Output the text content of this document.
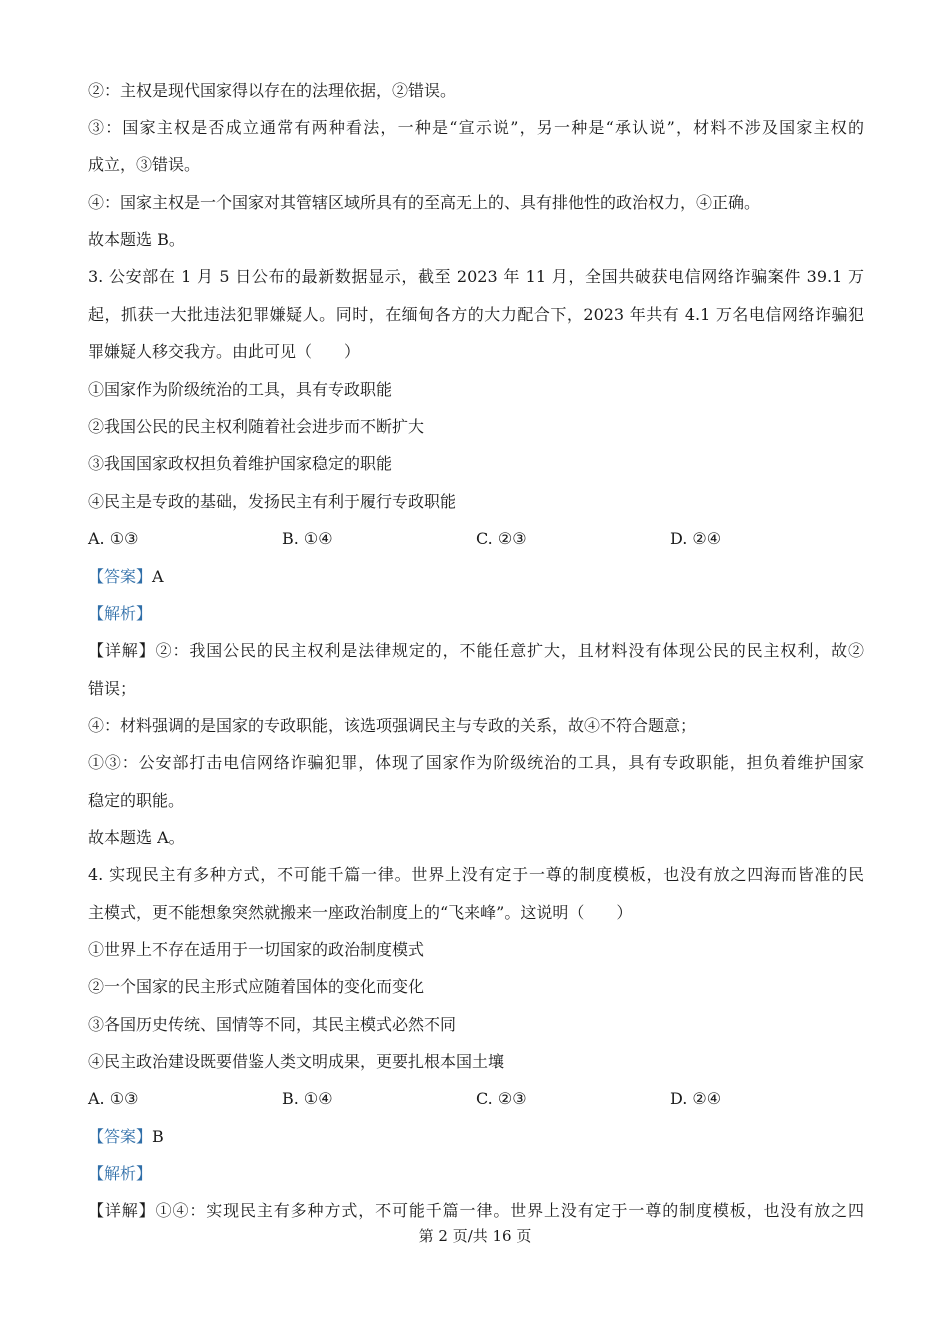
②：主权是现代国家得以存在的法理依据，②错误。
③：国家主权是否成立通常有两种看法，一种是“宣示说”，另一种是“承认说”，材料不涉及国家主权的
成立，③错误。
④：国家主权是一个国家对其管辖区域所具有的至高无上的、具有排他性的政治权力，④正确。
故本题选 B。
3. 公安部在 1 月 5 日公布的最新数据显示，截至 2023 年 11 月，全国共破获电信网络诈骗案件 39.1 万
起，抓获一大批违法犯罪嫌疑人。同时，在缅甸各方的大力配合下，2023 年共有 4.1 万名电信网络诈骗犯
罪嫌疑人移交我方。由此可见（　　）
①国家作为阶级统治的工具，具有专政职能
②我国公民的民主权利随着社会进步而不断扩大
③我国国家政权担负着维护国家稳定的职能
④民主是专政的基础，发扬民主有利于履行专政职能
A. ①③	B. ①④	C. ②③	D. ②④
【答案】A
【解析】
【详解】②：我国公民的民主权利是法律规定的，不能任意扩大，且材料没有体现公民的民主权利，故②
错误；
④：材料强调的是国家的专政职能，该选项强调民主与专政的关系，故④不符合题意；
①③：公安部打击电信网络诈骗犯罪，体现了国家作为阶级统治的工具，具有专政职能，担负着维护国家
稳定的职能。
故本题选 A。
4. 实现民主有多种方式，不可能千篇一律。世界上没有定于一尊的制度模板，也没有放之四海而皆准的民
主模式，更不能想象突然就搬来一座政治制度上的“飞来峰”。这说明（　　）
①世界上不存在适用于一切国家的政治制度模式
②一个国家的民主形式应随着国体的变化而变化
③各国历史传统、国情等不同，其民主模式必然不同
④民主政治建设既要借鉴人类文明成果，更要扎根本国土壤
A. ①③	B. ①④	C. ②③	D. ②④
【答案】B
【解析】
【详解】①④：实现民主有多种方式，不可能千篇一律。世界上没有定于一尊的制度模板，也没有放之四
第 2 页/共 16 页
